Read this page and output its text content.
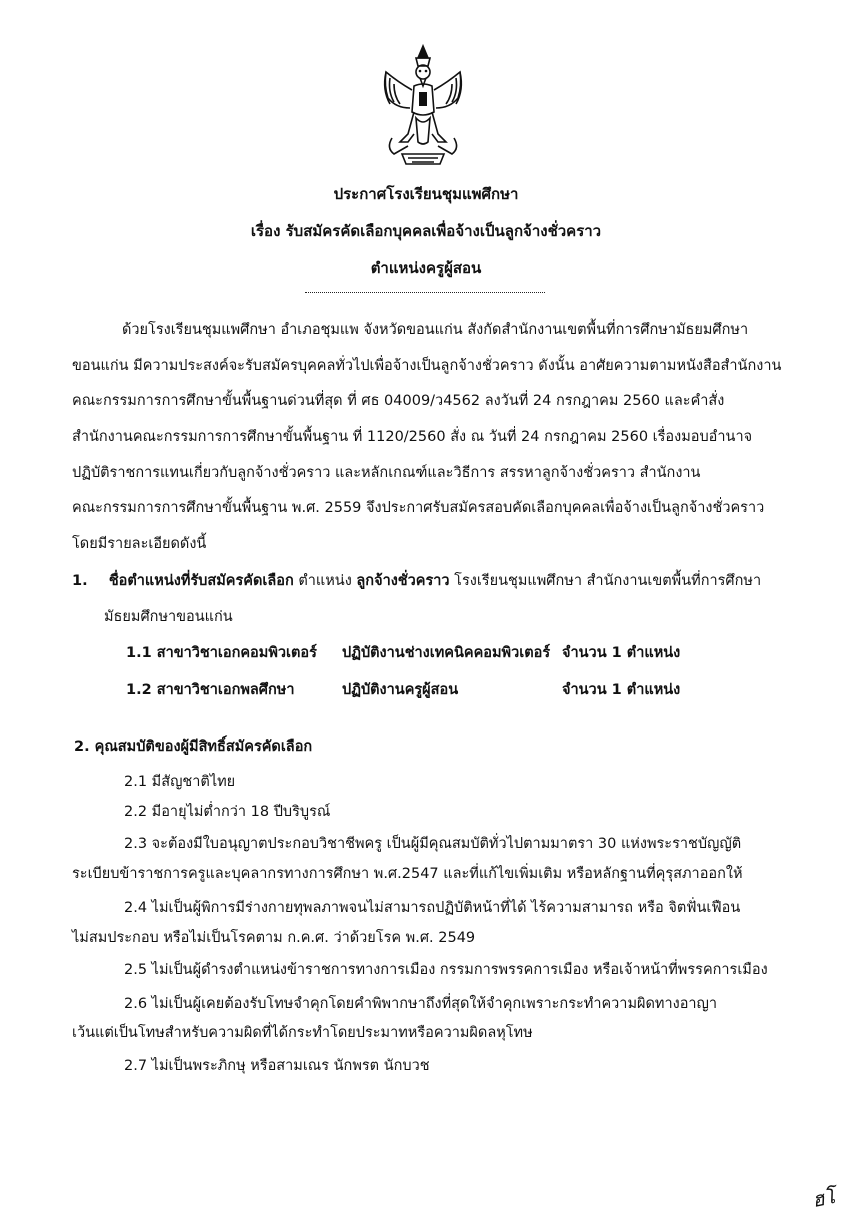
ประกาศโรงเรียนชุมแพศึกษา
เรื่อง รับสมัครคัดเลือกบุคคลเพื่อจ้างเป็นลูกจ้างชั่วคราว
ตำแหน่งครูผู้สอน
ด้วยโรงเรียนชุมแพศึกษา อำเภอชุมแพ จังหวัดขอนแก่น สังกัดสำนักงานเขตพื้นที่การศึกษามัธยมศึกษา
ขอนแก่น มีความประสงค์จะรับสมัครบุคคลทั่วไปเพื่อจ้างเป็นลูกจ้างชั่วคราว ดังนั้น อาศัยความตามหนังสือสำนักงาน
คณะกรรมการการศึกษาขั้นพื้นฐานด่วนที่สุด ที่ ศธ 04009/ว4562 ลงวันที่ 24 กรกฎาคม 2560 และคำสั่ง
สำนักงานคณะกรรมการการศึกษาขั้นพื้นฐาน ที่ 1120/2560 สั่ง ณ วันที่ 24 กรกฎาคม 2560 เรื่องมอบอำนาจ
ปฏิบัติราชการแทนเกี่ยวกับลูกจ้างชั่วคราว และหลักเกณฑ์และวิธีการ สรรหาลูกจ้างชั่วคราว สำนักงาน
คณะกรรมการการศึกษาขั้นพื้นฐาน พ.ศ. 2559 จึงประกาศรับสมัครสอบคัดเลือกบุคคลเพื่อจ้างเป็นลูกจ้างชั่วคราว
โดยมีรายละเอียดดังนี้
1. ชื่อตำแหน่งที่รับสมัครคัดเลือก ตำแหน่ง ลูกจ้างชั่วคราว โรงเรียนชุมแพศึกษา สำนักงานเขตพื้นที่การศึกษา
มัธยมศึกษาขอนแก่น
1.1 สาขาวิชาเอกคอมพิวเตอร์ ปฏิบัติงานช่างเทคนิคคอมพิวเตอร์ จำนวน 1 ตำแหน่ง
1.2 สาขาวิชาเอกพลศึกษา	ปฏิบัติงานครูผู้สอน	จำนวน 1 ตำแหน่ง
2. คุณสมบัติของผู้มีสิทธิ์สมัครคัดเลือก
2.1 มีสัญชาติไทย
2.2 มีอายุไม่ต่ำกว่า 18 ปีบริบูรณ์
2.3 จะต้องมีใบอนุญาตประกอบวิชาชีพครู เป็นผู้มีคุณสมบัติทั่วไปตามมาตรา 30 แห่งพระราชบัญญัติ
ระเบียบข้าราชการครูและบุคลากรทางการศึกษา พ.ศ.2547 และที่แก้ไขเพิ่มเติม หรือหลักฐานที่คุรุสภาออกให้
2.4 ไม่เป็นผู้พิการมีร่างกายทุพลภาพจนไม่สามารถปฏิบัติหน้าที่ได้ ไร้ความสามารถ หรือ จิตฟั่นเฟือน
ไม่สมประกอบ หรือไม่เป็นโรคตาม ก.ค.ศ. ว่าด้วยโรค พ.ศ. 2549
2.5 ไม่เป็นผู้ดำรงตำแหน่งข้าราชการทางการเมือง กรรมการพรรคการเมือง หรือเจ้าหน้าที่พรรคการเมือง
2.6 ไม่เป็นผู้เคยต้องรับโทษจำคุกโดยคำพิพากษาถึงที่สุดให้จำคุกเพราะกระทำความผิดทางอาญา
เว้นแต่เป็นโทษสำหรับความผิดที่ได้กระทำโดยประมาทหรือความผิดลหุโทษ
2.7 ไม่เป็นพระภิกษุ หรือสามเณร นักพรต นักบวช
ฮโ
